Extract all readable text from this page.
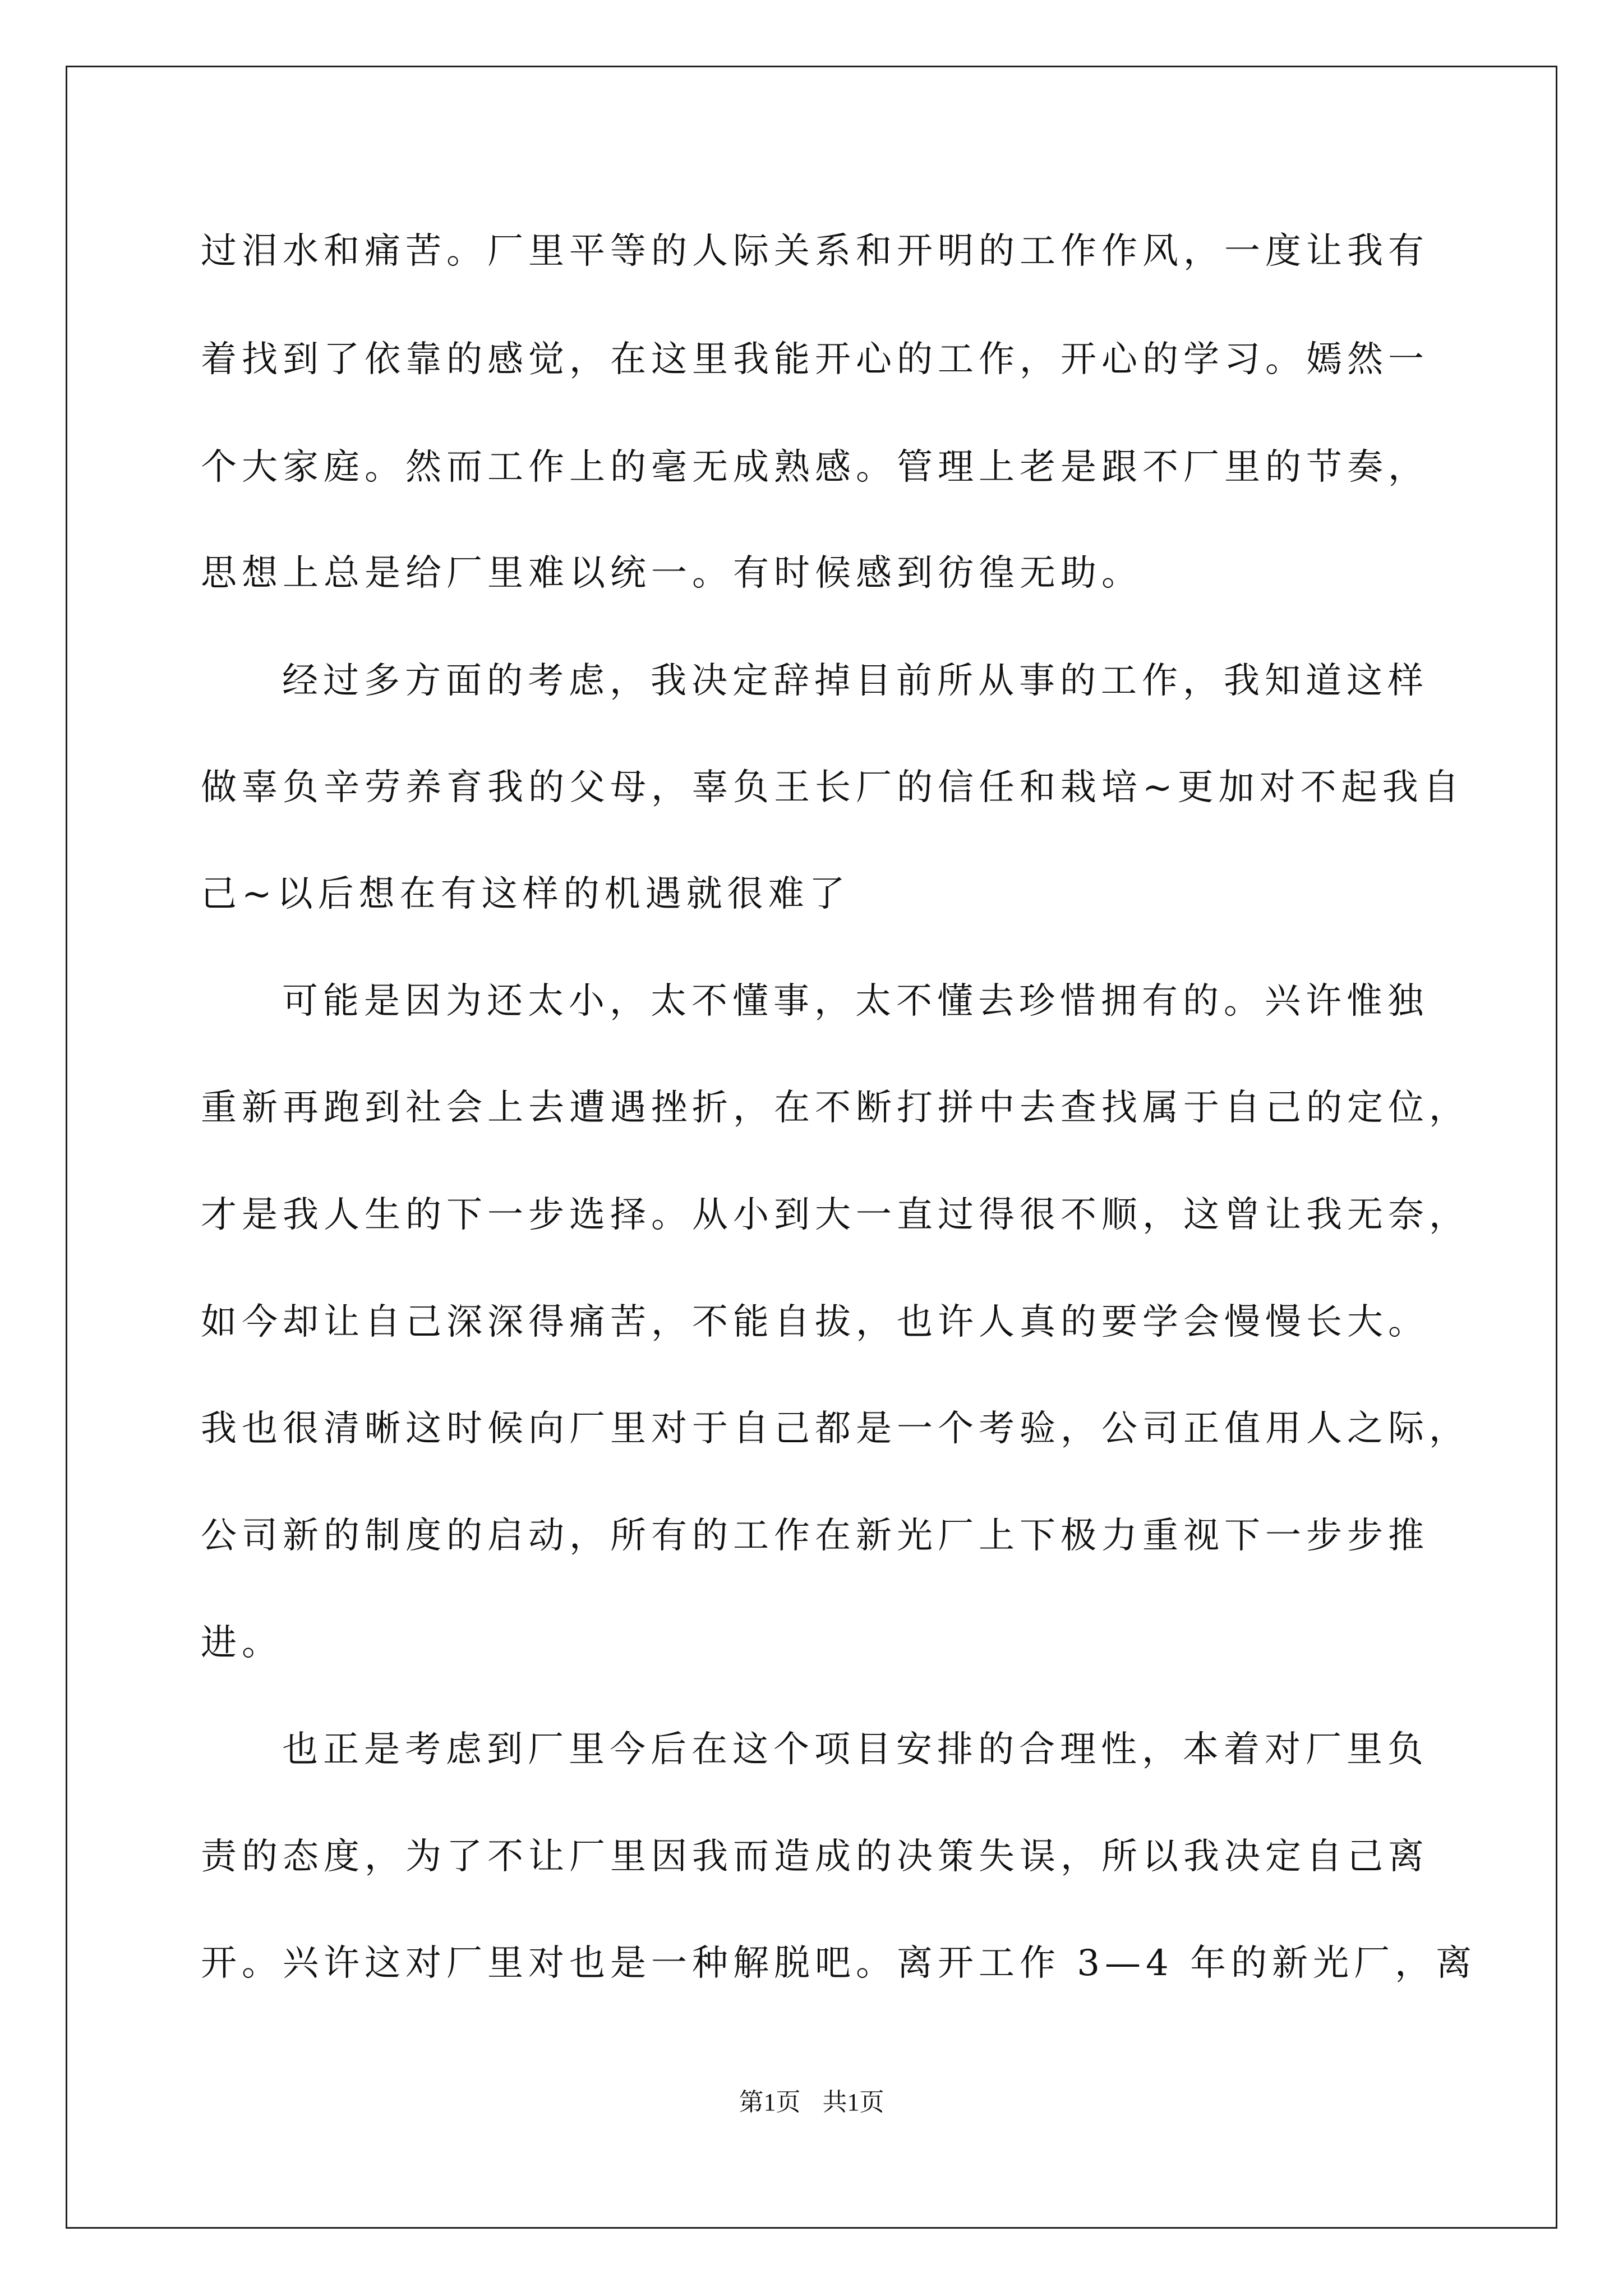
过泪水和痛苦。厂里平等的人际关系和开明的工作作风，一度让我有
着找到了依靠的感觉，在这里我能开心的工作，开心的学习。嫣然一
个大家庭。然而工作上的毫无成熟感。管理上老是跟不厂里的节奏，
思想上总是给厂里难以统一。有时候感到彷徨无助。
经过多方面的考虑，我决定辞掉目前所从事的工作，我知道这样
做辜负辛劳养育我的父母，辜负王长厂的信任和栽培~更加对不起我自
己~以后想在有这样的机遇就很难了
可能是因为还太小，太不懂事，太不懂去珍惜拥有的。兴许惟独
重新再跑到社会上去遭遇挫折，在不断打拼中去查找属于自己的定位，
才是我人生的下一步选择。从小到大一直过得很不顺，这曾让我无奈，
如今却让自己深深得痛苦，不能自拔，也许人真的要学会慢慢长大。
我也很清晰这时候向厂里对于自己都是一个考验，公司正值用人之际，
公司新的制度的启动，所有的工作在新光厂上下极力重视下一步步推
进。
也正是考虑到厂里今后在这个项目安排的合理性，本着对厂里负
责的态度，为了不让厂里因我而造成的决策失误，所以我决定自己离
开。兴许这对厂里对也是一种解脱吧。离开工作 3—4 年的新光厂，离
第1页 共1页
